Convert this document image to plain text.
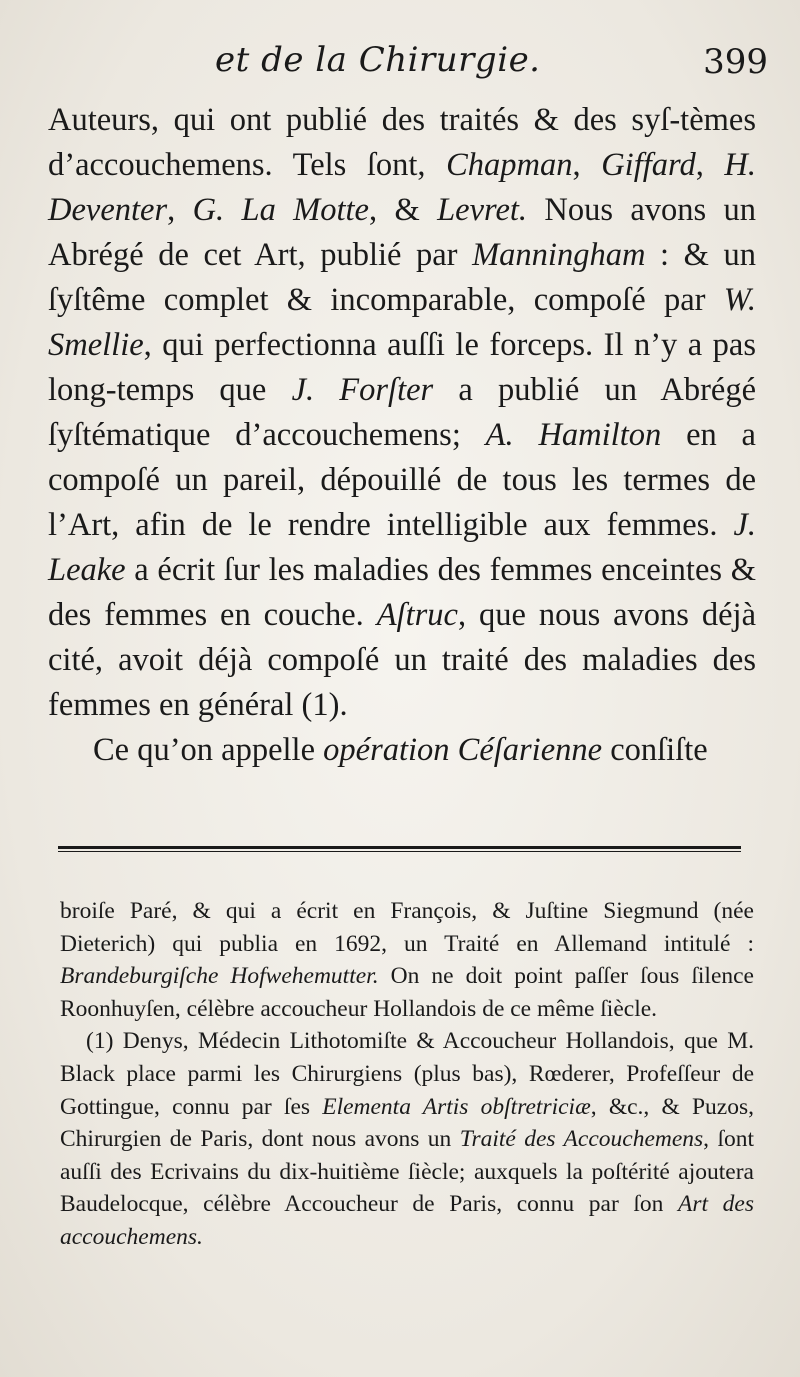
et de la Chirurgie.	399

Auteurs, qui ont publié des traités & des syſ-tèmes d’accouchemens. Tels ſont, Chapman, Giffard, H. Deventer, G. La Motte, & Levret. Nous avons un Abrégé de cet Art, publié par Manningham : & un ſyſtême complet & incomparable, compoſé par W. Smellie, qui perfectionna auſſi le forceps. Il n’y a pas long-temps que J. Forſter a publié un Abrégé ſyſtématique d’accouchemens; A. Hamilton en a compoſé un pareil, dépouillé de tous les termes de l’Art, afin de le rendre intelligible aux femmes. J. Leake a écrit ſur les maladies des femmes enceintes & des femmes en couche. Aſtruc, que nous avons déjà cité, avoit déjà compoſé un traité des maladies des femmes en général (1).

Ce qu’on appelle opération Céſarienne conſiſte

broiſe Paré, & qui a écrit en François, & Juſtine Siegmund (née Dieterich) qui publia en 1692, un Traité en Allemand intitulé : Brandeburgiſche Hofwehemutter. On ne doit point paſſer ſous ſilence Roonhuyſen, célèbre accoucheur Hollandois de ce même ſiècle.

(1) Denys, Médecin Lithotomiſte & Accoucheur Hollandois, que M. Black place parmi les Chirurgiens (plus bas), Rœderer, Profeſſeur de Gottingue, connu par ſes Elementa Artis obſtretriciæ, &c., & Puzos, Chirurgien de Paris, dont nous avons un Traité des Accouchemens, ſont auſſi des Ecrivains du dix-huitième ſiècle; auxquels la poſtérité ajoutera Baudelocque, célèbre Accoucheur de Paris, connu par ſon Art des accouchemens.
